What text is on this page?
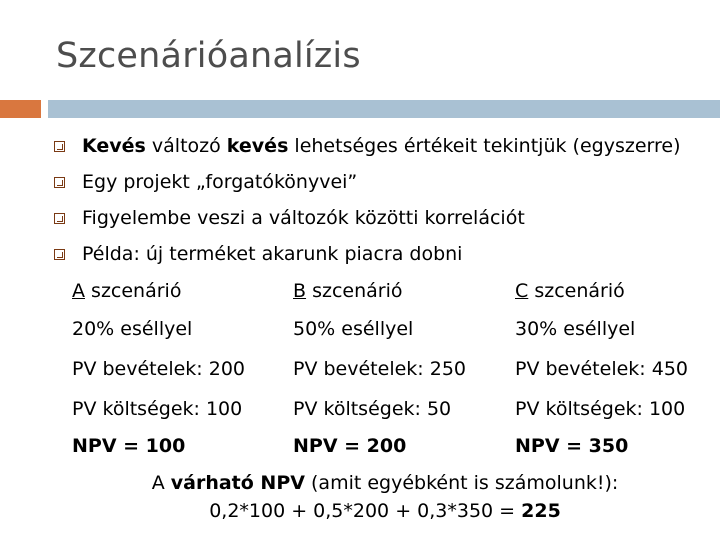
Szcenárióanalízis
Kevés változó kevés lehetséges értékeit tekintjük (egyszerre)
Egy projekt „forgatókönyvei”
Figyelembe veszi a változók közötti korrelációt
Példa: új terméket akarunk piacra dobni
A szcenárió
20% eséllyel
PV bevételek: 200
PV költségek: 100
NPV = 100
B szcenárió
50% eséllyel
PV bevételek: 250
PV költségek: 50
NPV = 200
C szcenárió
30% eséllyel
PV bevételek: 450
PV költségek: 100
NPV = 350
A várható NPV (amit egyébként is számolunk!):
0,2*100 + 0,5*200 + 0,3*350 = 225
